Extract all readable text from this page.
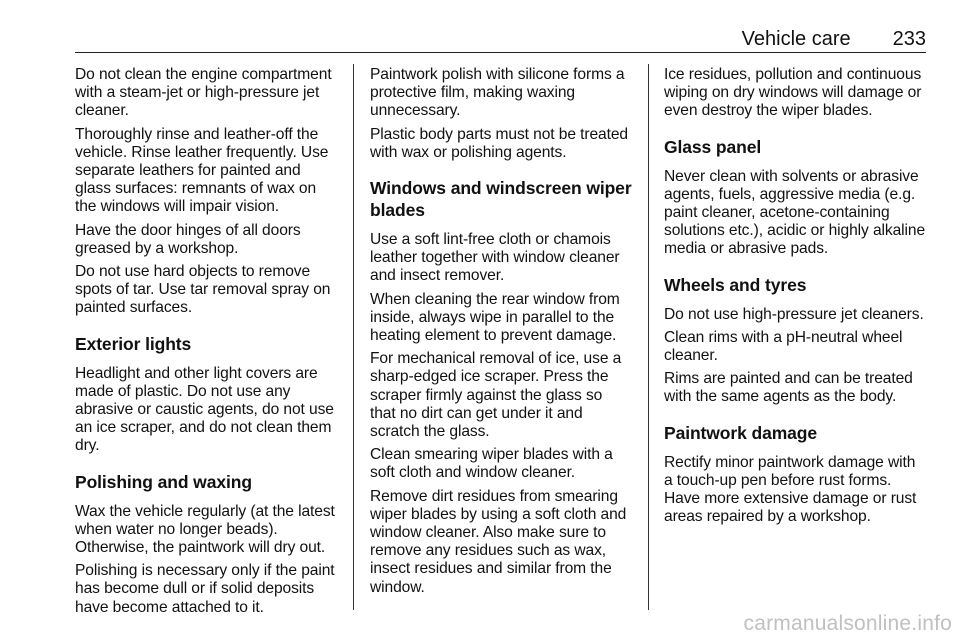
Vehicle care 233

Do not clean the engine compartment with a steam-jet or high-pressure jet cleaner.

Thoroughly rinse and leather-off the vehicle. Rinse leather frequently. Use separate leathers for painted and glass surfaces: remnants of wax on the windows will impair vision.

Have the door hinges of all doors greased by a workshop.

Do not use hard objects to remove spots of tar. Use tar removal spray on painted surfaces.

Exterior lights

Headlight and other light covers are made of plastic. Do not use any abrasive or caustic agents, do not use an ice scraper, and do not clean them dry.

Polishing and waxing

Wax the vehicle regularly (at the latest when water no longer beads). Otherwise, the paintwork will dry out.

Polishing is necessary only if the paint has become dull or if solid deposits have become attached to it.

Paintwork polish with silicone forms a protective film, making waxing unnecessary.

Plastic body parts must not be treated with wax or polishing agents.

Windows and windscreen wiper blades

Use a soft lint-free cloth or chamois leather together with window cleaner and insect remover.

When cleaning the rear window from inside, always wipe in parallel to the heating element to prevent damage.

For mechanical removal of ice, use a sharp-edged ice scraper. Press the scraper firmly against the glass so that no dirt can get under it and scratch the glass.

Clean smearing wiper blades with a soft cloth and window cleaner.

Remove dirt residues from smearing wiper blades by using a soft cloth and window cleaner. Also make sure to remove any residues such as wax, insect residues and similar from the window.

Ice residues, pollution and continuous wiping on dry windows will damage or even destroy the wiper blades.

Glass panel

Never clean with solvents or abrasive agents, fuels, aggressive media (e.g. paint cleaner, acetone-containing solutions etc.), acidic or highly alkaline media or abrasive pads.

Wheels and tyres

Do not use high-pressure jet cleaners.

Clean rims with a pH-neutral wheel cleaner.

Rims are painted and can be treated with the same agents as the body.

Paintwork damage

Rectify minor paintwork damage with a touch-up pen before rust forms. Have more extensive damage or rust areas repaired by a workshop.

carmanualsonline.info
